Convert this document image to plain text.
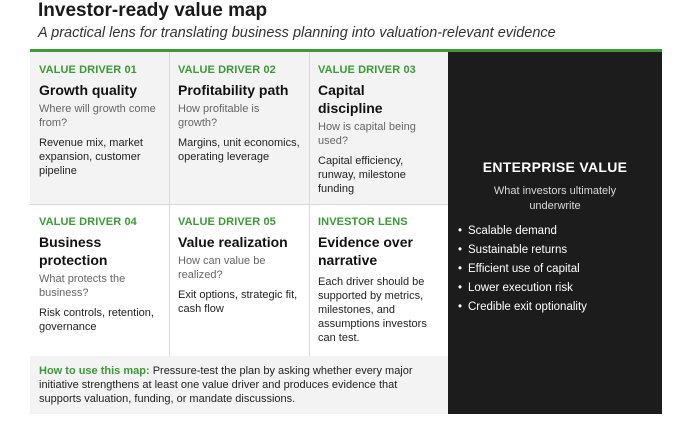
Investor-ready value map
A practical lens for translating business planning into valuation-relevant evidence
VALUE DRIVER 01
Growth quality
Where will growth come from?
Revenue mix, market expansion, customer pipeline
VALUE DRIVER 02
Profitability path
How profitable is growth?
Margins, unit economics, operating leverage
VALUE DRIVER 03
Capital discipline
How is capital being used?
Capital efficiency, runway, milestone funding
VALUE DRIVER 04
Business protection
What protects the business?
Risk controls, retention, governance
VALUE DRIVER 05
Value realization
How can value be realized?
Exit options, strategic fit, cash flow
INVESTOR LENS
Evidence over narrative
Each driver should be supported by metrics, milestones, and assumptions investors can test.
How to use this map: Pressure-test the plan by asking whether every major initiative strengthens at least one value driver and produces evidence that supports valuation, funding, or mandate discussions.
ENTERPRISE VALUE
What investors ultimately underwrite
• Scalable demand
• Sustainable returns
• Efficient use of capital
• Lower execution risk
• Credible exit optionality
